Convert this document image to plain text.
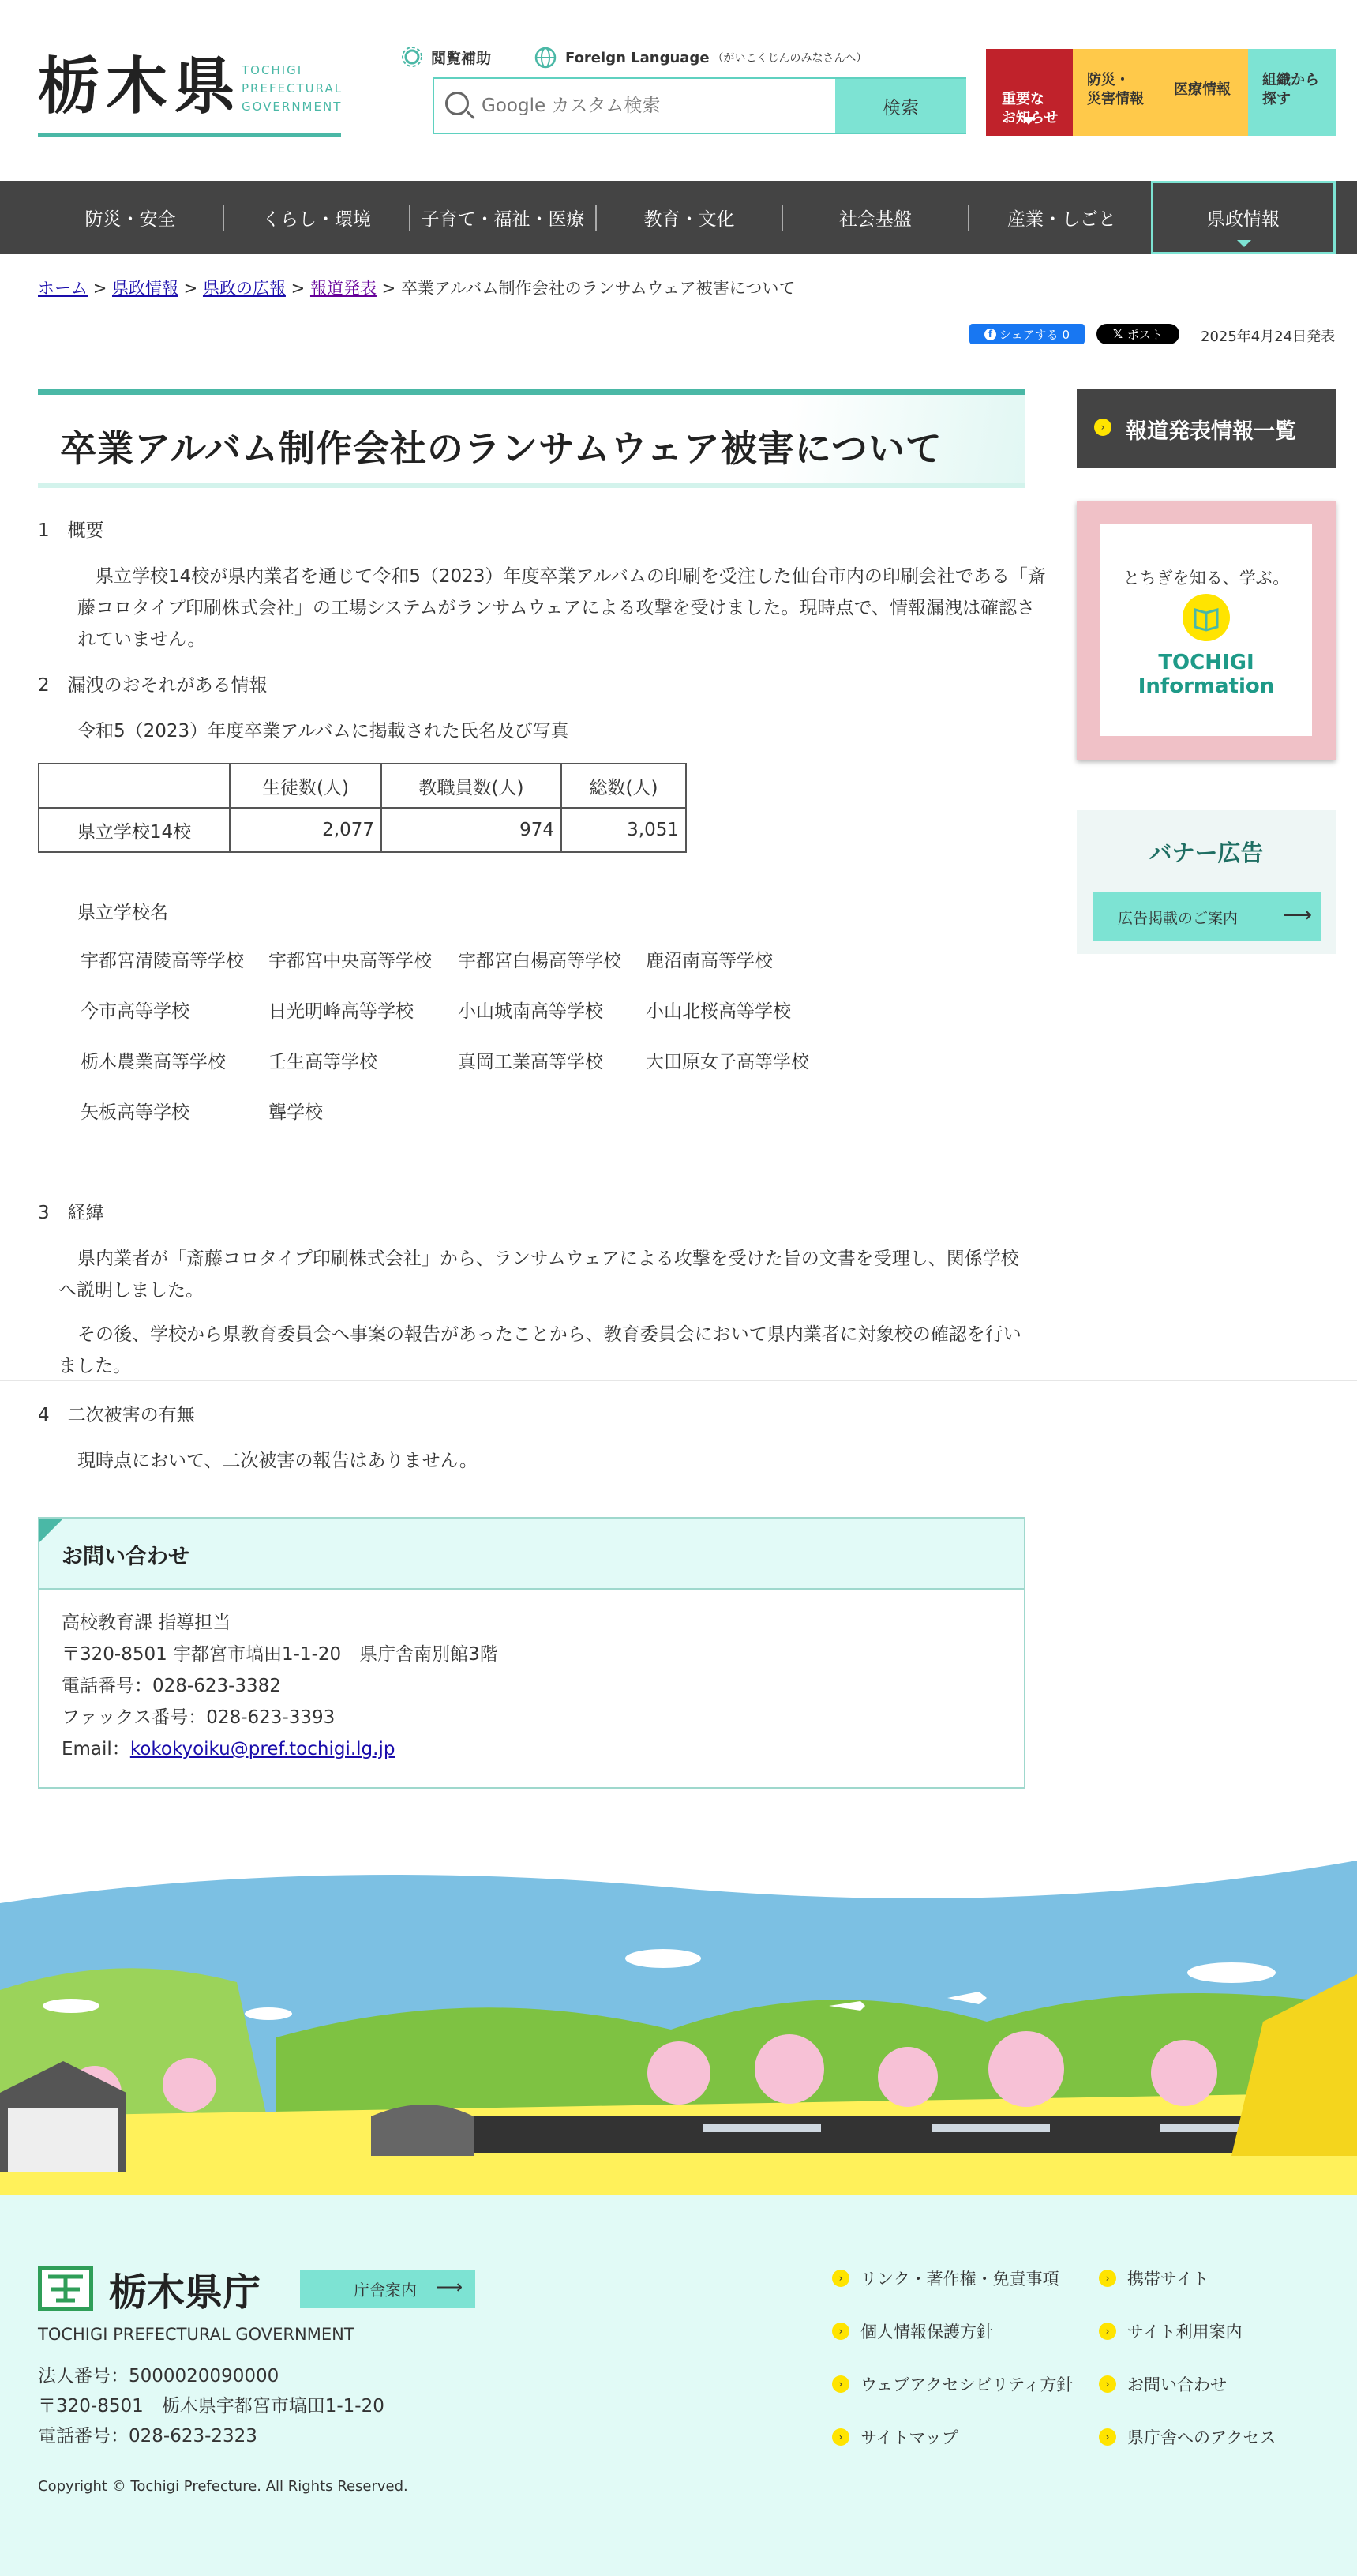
栃木県 TOCHIGI
PREFECTURAL
GOVERNMENT
閲覧補助	Foreign Language （がいこくじんのみなさんへ）
Google カスタム検索
検索	重要な
お知らせ

防災・
災害情報
医療情報
組織から
探す
防災・安全	くらし・環境	子育て・福祉・医療	教育・文化	社会基盤	産業・しごと	県政情報
ホーム > 県政情報 > 県政の広報 > 報道発表 > 卒業アルバム制作会社のランサムウェア被害について
f シェアする 0	𝕏 ポスト	2025年4月24日発表
卒業アルバム制作会社のランサムウェア被害について
1　概要
　県立学校14校が県内業者を通じて令和5（2023）年度卒業アルバムの印刷を受注した仙台市内の印刷会社である「斎藤コロタイプ印刷株式会社」の工場システムがランサムウェアによる攻撃を受けました。現時点で、情報漏洩は確認されていません。
2　漏洩のおそれがある情報
令和5（2023）年度卒業アルバムに掲載された氏名及び写真
	生徒数(人)	教職員数(人)	総数(人)
県立学校14校	2,077	974	3,051
県立学校名
宇都宮清陵高等学校 宇都宮中央高等学校 宇都宮白楊高等学校 鹿沼南高等学校
今市高等学校	日光明峰高等学校 小山城南高等学校 小山北桜高等学校
栃木農業高等学校 壬生高等学校	真岡工業高等学校 大田原女子高等学校
矢板高等学校	聾学校
3　経緯
県内業者が「斎藤コロタイプ印刷株式会社」から、ランサムウェアによる攻撃を受けた旨の文書を受理し、関係学校へ説明しました。
その後、学校から県教育委員会へ事案の報告があったことから、教育委員会において県内業者に対象校の確認を行いました。
4　二次被害の有無
現時点において、二次被害の報告はありません。
お問い合わせ
高校教育課 指導担当
〒320-8501 宇都宮市塙田1-1-20　県庁舎南別館3階
電話番号：028-623-3382
ファックス番号：028-623-3393
Email：kokokyoiku@pref.tochigi.lg.jp
› 報道発表情報一覧
とちぎを知る、学ぶ。
TOCHIGI
Information
バナー広告
広告掲載のご案内 ⟶
栃木県庁	庁舎案内 ⟶
TOCHIGI PREFECTURAL GOVERNMENT
法人番号：5000020090000
〒320-8501　栃木県宇都宮市塙田1-1-20
電話番号：028-623-2323
Copyright © Tochigi Prefecture. All Rights Reserved.
›	リンク・著作権・免責事項
›	個人情報保護方針
›	ウェブアクセシビリティ方針
›	サイトマップ
›	携帯サイト
›	サイト利用案内
›	お問い合わせ
›	県庁舎へのアクセス
